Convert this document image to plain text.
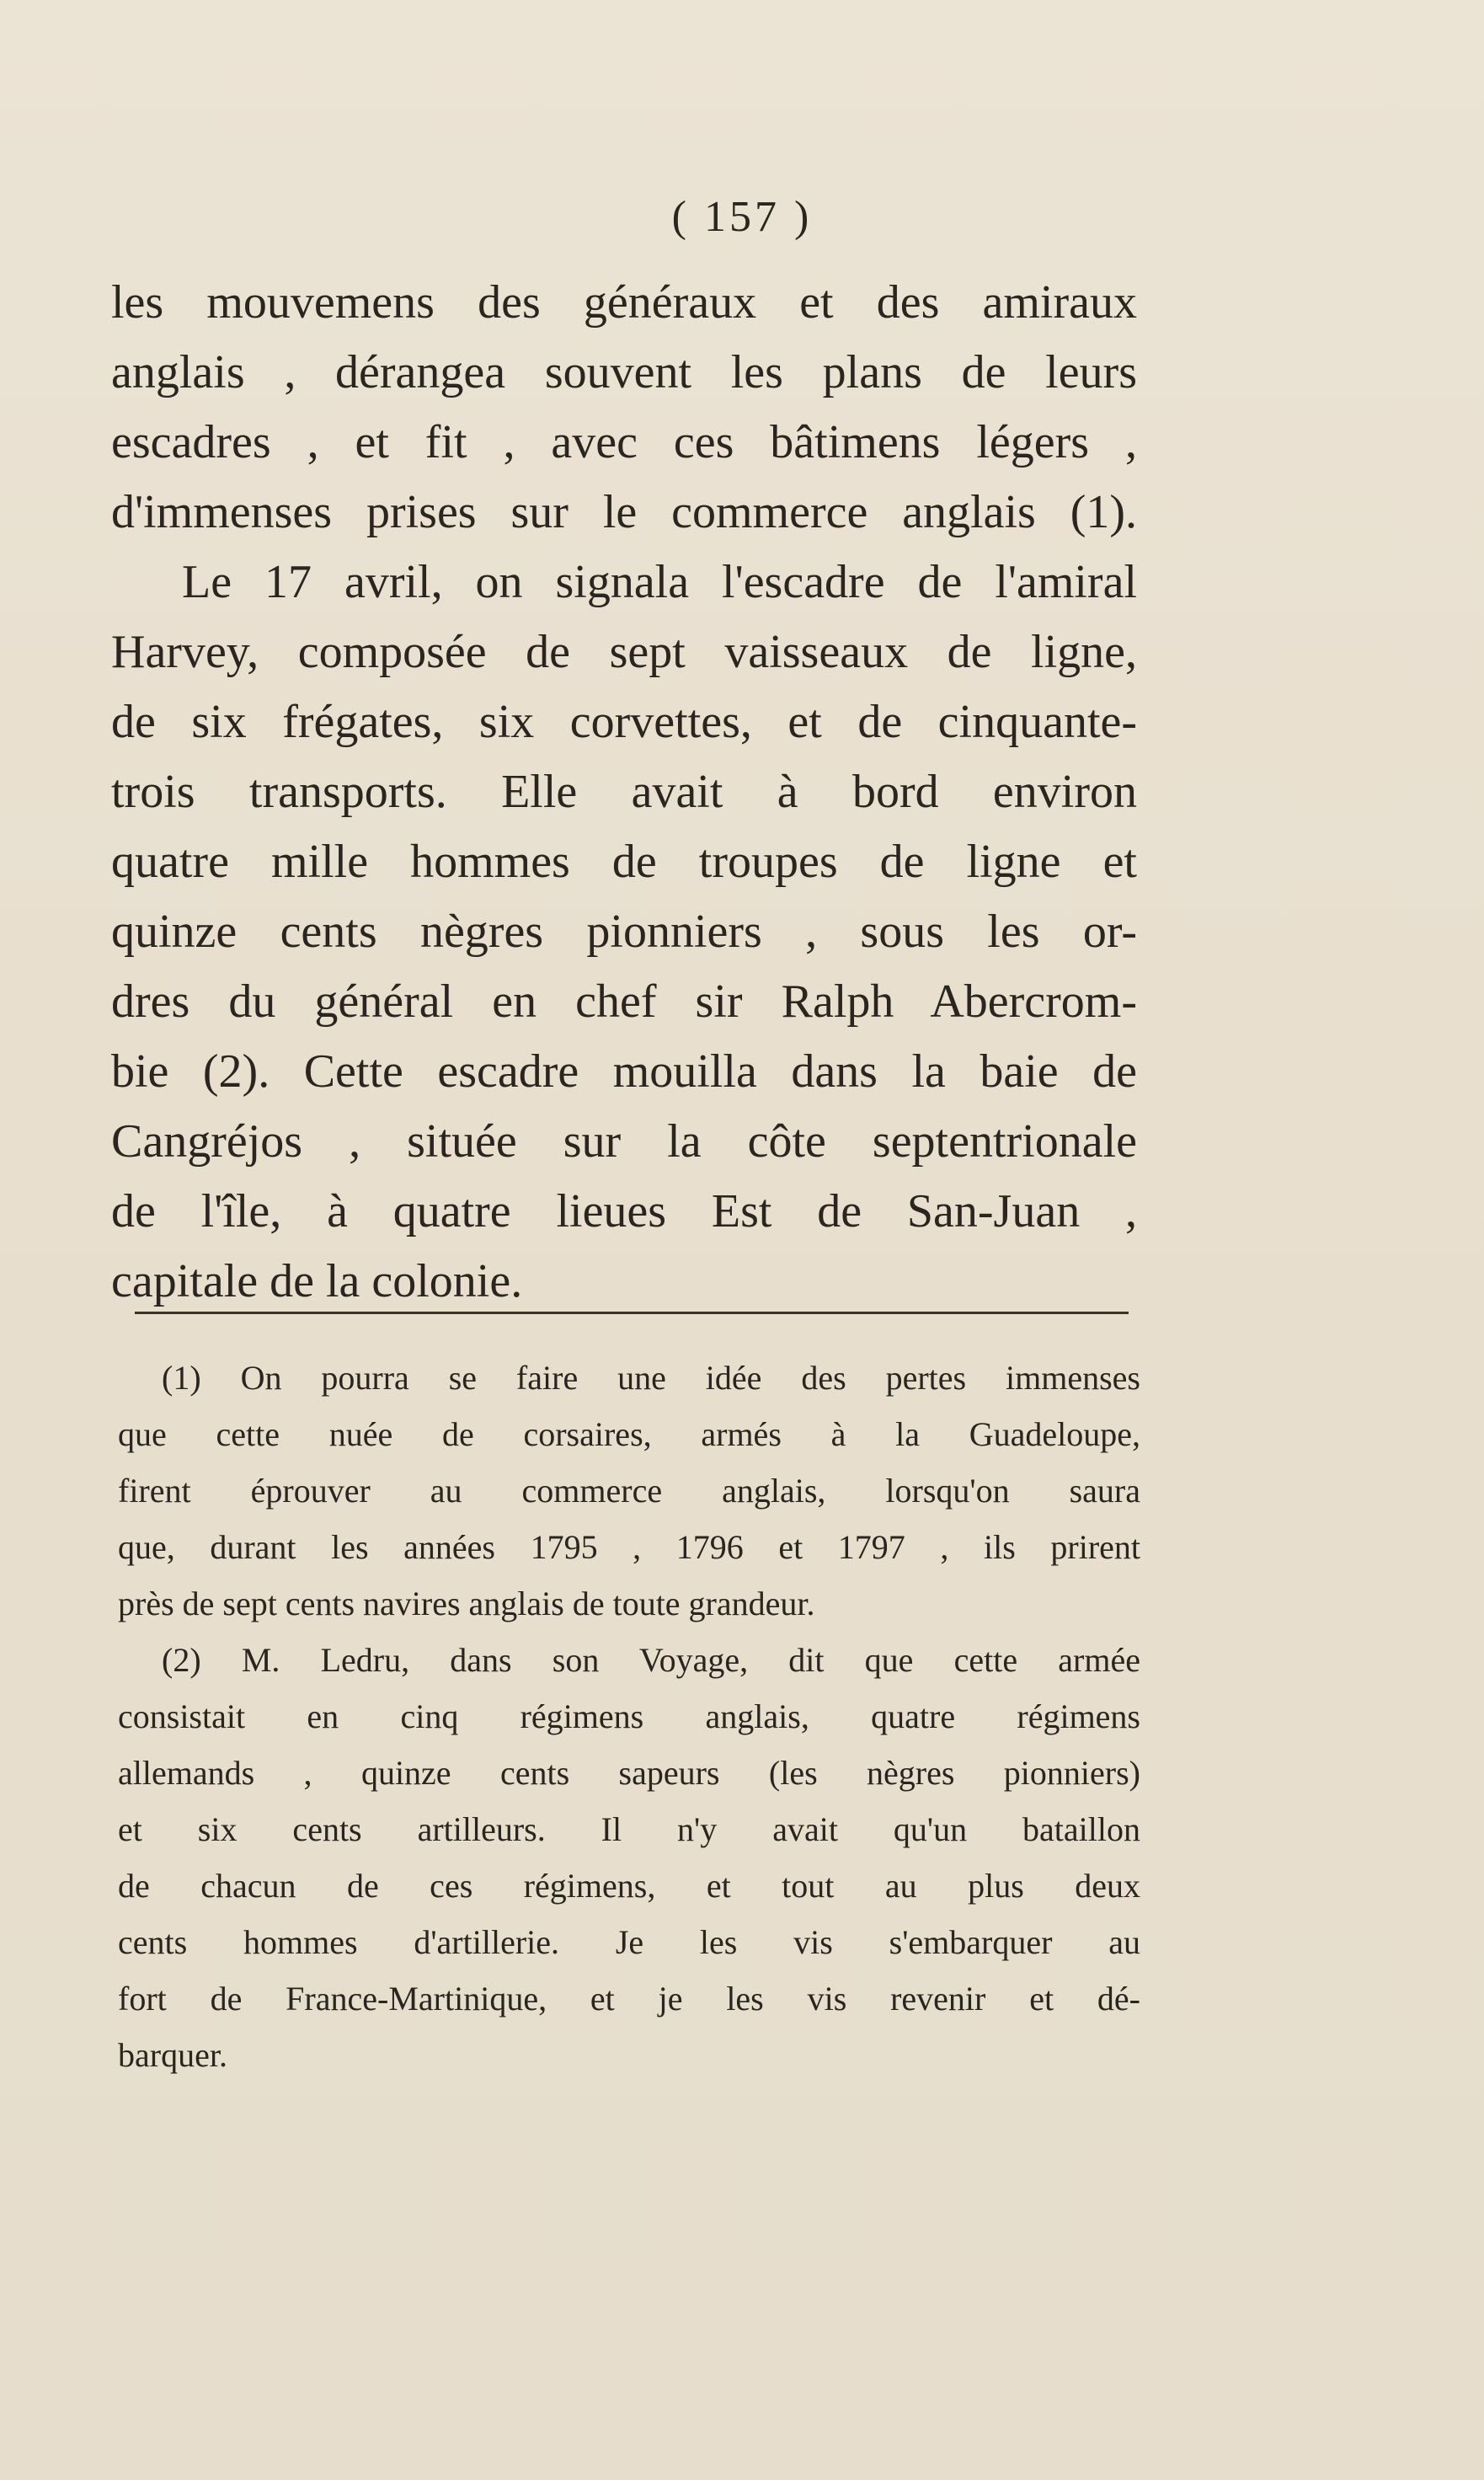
( 157 )
les mouvemens des généraux et des amiraux
anglais , dérangea souvent les plans de leurs
escadres , et fit , avec ces bâtimens légers ,
d'immenses prises sur le commerce anglais (1).
Le 17 avril, on signala l'escadre de l'amiral
Harvey, composée de sept vaisseaux de ligne,
de six frégates, six corvettes, et de cinquante-
trois transports. Elle avait à bord environ
quatre mille hommes de troupes de ligne et
quinze cents nègres pionniers , sous les or-
dres du général en chef sir Ralph Abercrom-
bie (2). Cette escadre mouilla dans la baie de
Cangréjos , située sur la côte septentrionale
de l'île, à quatre lieues Est de San-Juan ,
capitale de la colonie.
(1) On pourra se faire une idée des pertes immenses
que cette nuée de corsaires, armés à la Guadeloupe,
firent éprouver au commerce anglais, lorsqu'on saura
que, durant les années 1795 , 1796 et 1797 , ils prirent
près de sept cents navires anglais de toute grandeur.
(2) M. Ledru, dans son Voyage, dit que cette armée
consistait en cinq régimens anglais, quatre régimens
allemands , quinze cents sapeurs (les nègres pionniers)
et six cents artilleurs. Il n'y avait qu'un bataillon
de chacun de ces régimens, et tout au plus deux
cents hommes d'artillerie. Je les vis s'embarquer au
fort de France-Martinique, et je les vis revenir et dé-
barquer.
